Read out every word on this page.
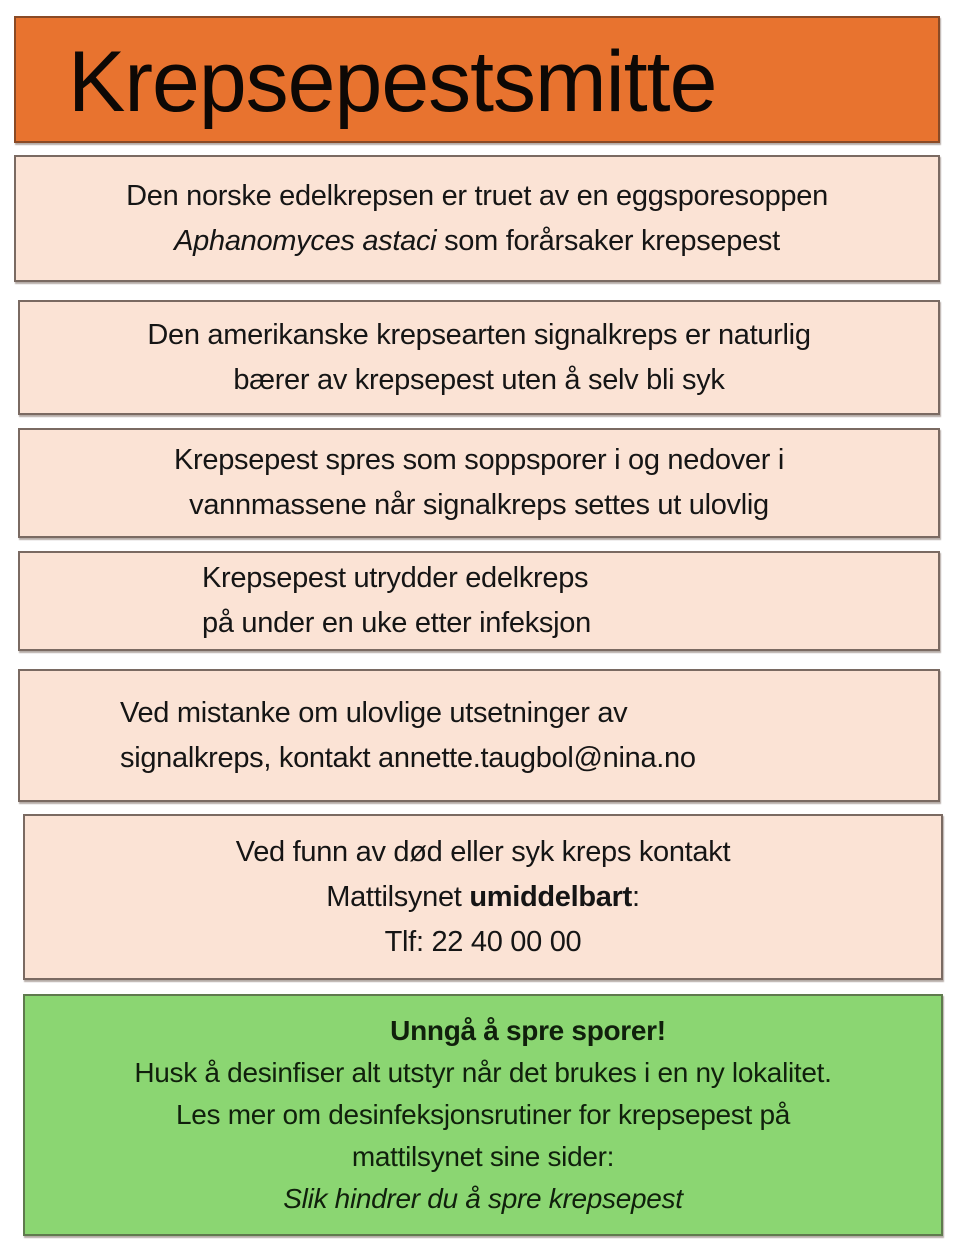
Krepsepestsmitte
Den norske edelkrepsen er truet av en eggsporesoppen
Aphanomyces astaci som forårsaker krepsepest
Den amerikanske krepsearten signalkreps er naturlig
bærer av krepsepest uten å selv bli syk
Krepsepest spres som soppsporer i og nedover i
vannmassene når signalkreps settes ut ulovlig
Krepsepest utrydder edelkreps
på under en uke etter infeksjon
Ved mistanke om ulovlige utsetninger av
signalkreps, kontakt annette.taugbol@nina.no
Ved funn av død eller syk kreps kontakt
Mattilsynet umiddelbart:
Tlf: 22 40 00 00
Unngå å spre sporer!
Husk å desinfiser alt utstyr når det brukes i en ny lokalitet.
Les mer om desinfeksjonsrutiner for krepsepest på
mattilsynet sine sider:
Slik hindrer du å spre krepsepest
